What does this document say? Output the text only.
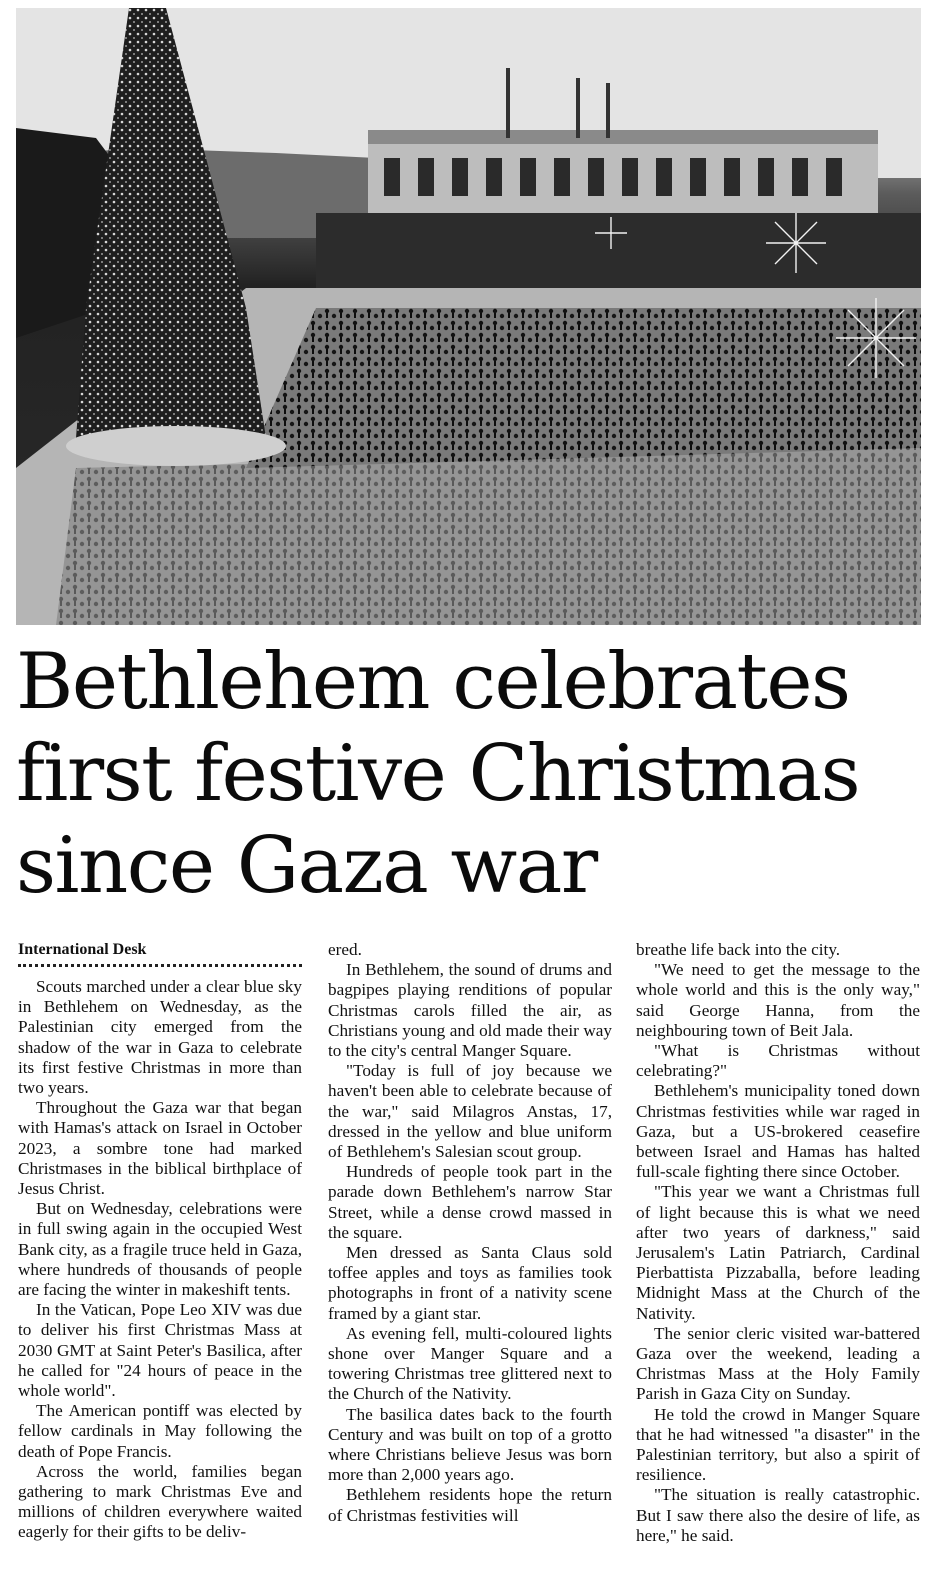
Bethlehem celebrates first festive Christmas since Gaza war
International Desk

Scouts marched under a clear blue sky in Bethlehem on Wednesday, as the Palestinian city emerged from the shadow of the war in Gaza to celebrate its first festive Christmas in more than two years.

Throughout the Gaza war that began with Hamas's attack on Israel in October 2023, a sombre tone had marked Christmases in the biblical birthplace of Jesus Christ.

But on Wednesday, celebrations were in full swing again in the occupied West Bank city, as a fragile truce held in Gaza, where hundreds of thousands of people are facing the winter in makeshift tents.

In the Vatican, Pope Leo XIV was due to deliver his first Christmas Mass at 2030 GMT at Saint Peter's Basilica, after he called for "24 hours of peace in the whole world".

The American pontiff was elected by fellow cardinals in May following the death of Pope Francis.

Across the world, families began gathering to mark Christmas Eve and millions of children everywhere waited eagerly for their gifts to be deliv-

ered.

In Bethlehem, the sound of drums and bagpipes playing renditions of popular Christmas carols filled the air, as Christians young and old made their way to the city's central Manger Square.

"Today is full of joy because we haven't been able to celebrate because of the war," said Milagros Anstas, 17, dressed in the yellow and blue uniform of Bethlehem's Salesian scout group.

Hundreds of people took part in the parade down Bethlehem's narrow Star Street, while a dense crowd massed in the square.

Men dressed as Santa Claus sold toffee apples and toys as families took photographs in front of a nativity scene framed by a giant star.

As evening fell, multi-coloured lights shone over Manger Square and a towering Christmas tree glittered next to the Church of the Nativity.

The basilica dates back to the fourth Century and was built on top of a grotto where Christians believe Jesus was born more than 2,000 years ago.

Bethlehem residents hope the return of Christmas festivities will

breathe life back into the city.

"We need to get the message to the whole world and this is the only way," said George Hanna, from the neighbouring town of Beit Jala.

"What is Christmas without celebrating?"

Bethlehem's municipality toned down Christmas festivities while war raged in Gaza, but a US-brokered ceasefire between Israel and Hamas has halted full-scale fighting there since October.

"This year we want a Christmas full of light because this is what we need after two years of darkness," said Jerusalem's Latin Patriarch, Cardinal Pierbattista Pizzaballa, before leading Midnight Mass at the Church of the Nativity.

The senior cleric visited war-battered Gaza over the weekend, leading a Christmas Mass at the Holy Family Parish in Gaza City on Sunday.

He told the crowd in Manger Square that he had witnessed "a disaster" in the Palestinian territory, but also a spirit of resilience.

"The situation is really catastrophic. But I saw there also the desire of life, as here," he said.
